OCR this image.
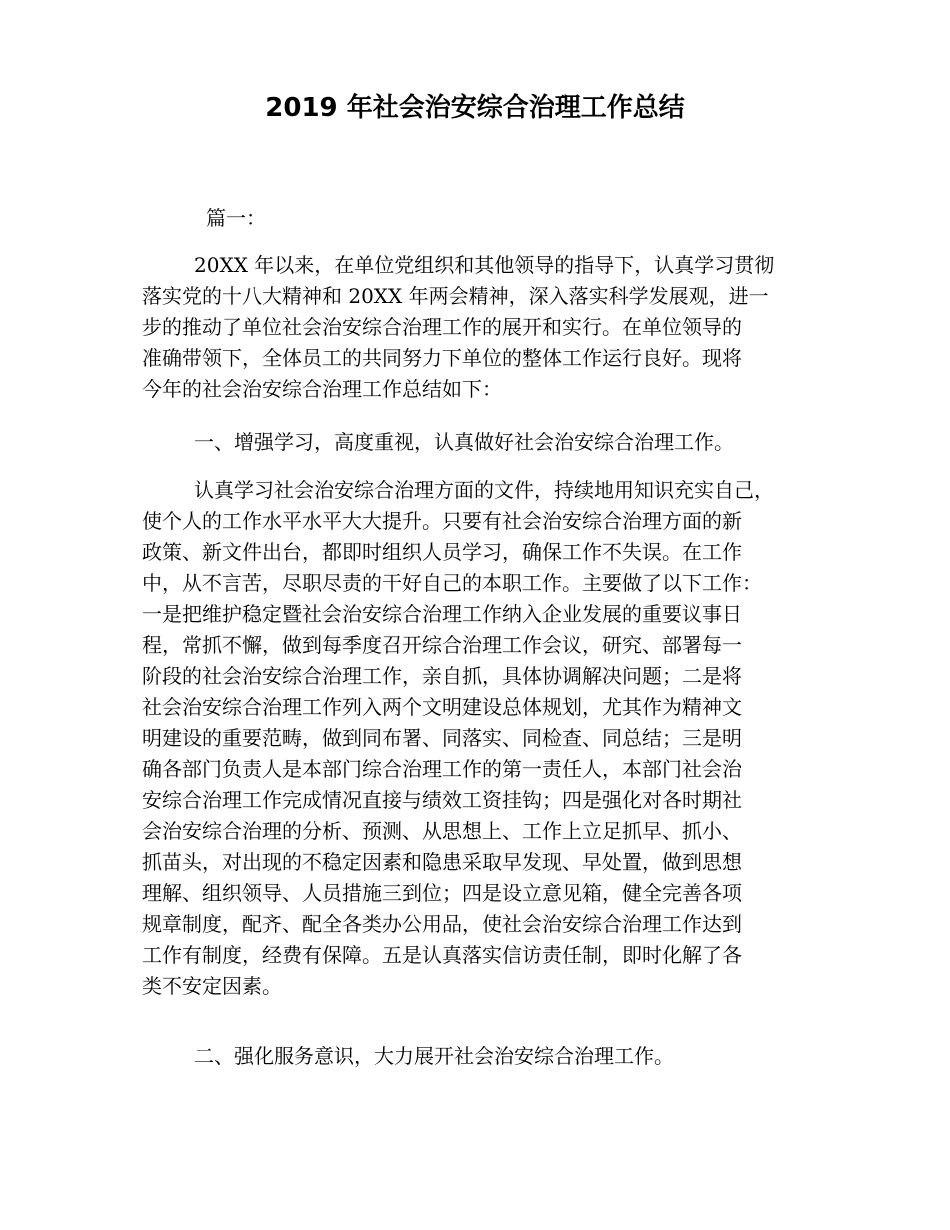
2019 年社会治安综合治理工作总结
篇一：
20XX 年以来，在单位党组织和其他领导的指导下，认真学习贯彻
落实党的十八大精神和 20XX 年两会精神，深入落实科学发展观，进一
步的推动了单位社会治安综合治理工作的展开和实行。在单位领导的
准确带领下，全体员工的共同努力下单位的整体工作运行良好。现将
今年的社会治安综合治理工作总结如下：
一、增强学习，高度重视，认真做好社会治安综合治理工作。
认真学习社会治安综合治理方面的文件，持续地用知识充实自己，
使个人的工作水平水平大大提升。只要有社会治安综合治理方面的新
政策、新文件出台，都即时组织人员学习，确保工作不失误。在工作
中，从不言苦，尽职尽责的干好自己的本职工作。主要做了以下工作：
一是把维护稳定暨社会治安综合治理工作纳入企业发展的重要议事日
程，常抓不懈，做到每季度召开综合治理工作会议，研究、部署每一
阶段的社会治安综合治理工作，亲自抓，具体协调解决问题；二是将
社会治安综合治理工作列入两个文明建设总体规划，尤其作为精神文
明建设的重要范畴，做到同布署、同落实、同检查、同总结；三是明
确各部门负责人是本部门综合治理工作的第一责任人，本部门社会治
安综合治理工作完成情况直接与绩效工资挂钩；四是强化对各时期社
会治安综合治理的分析、预测、从思想上、工作上立足抓早、抓小、
抓苗头，对出现的不稳定因素和隐患采取早发现、早处置，做到思想
理解、组织领导、人员措施三到位；四是设立意见箱，健全完善各项
规章制度，配齐、配全各类办公用品，使社会治安综合治理工作达到
工作有制度，经费有保障。五是认真落实信访责任制，即时化解了各
类不安定因素。
二、强化服务意识，大力展开社会治安综合治理工作。
